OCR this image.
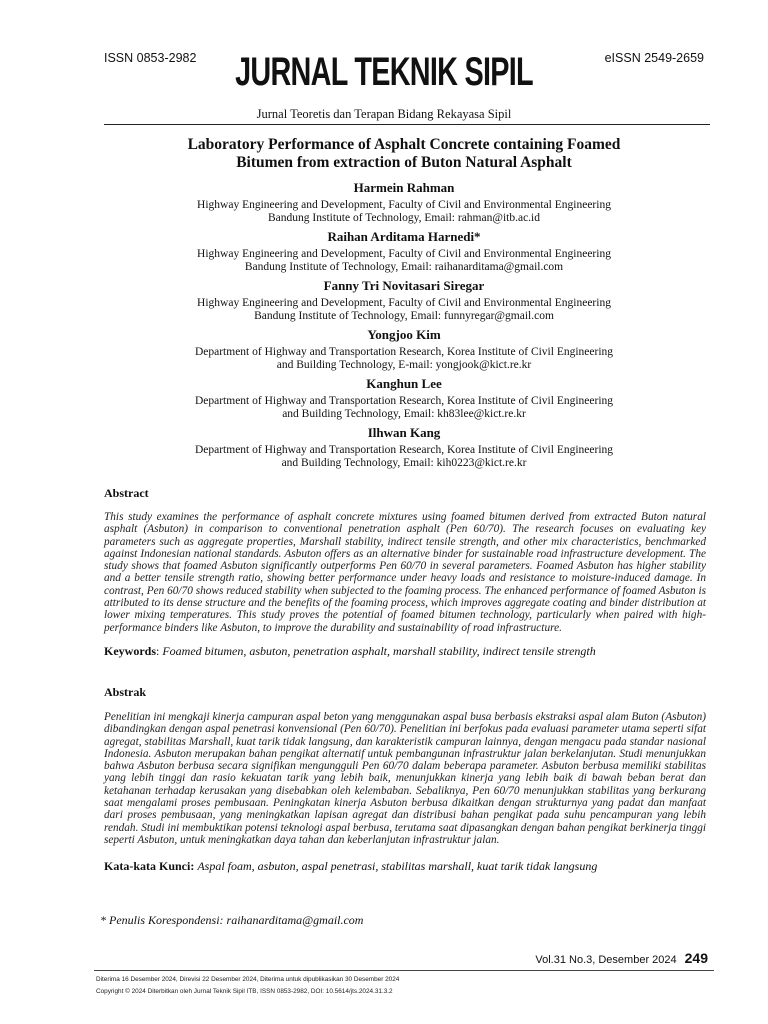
ISSN 0853-2982 JURNAL TEKNIK SIPIL	eISSN 2549-2659
Jurnal Teoretis dan Terapan Bidang Rekayasa Sipil
Laboratory Performance of Asphalt Concrete containing Foamed
Bitumen from extraction of Buton Natural Asphalt
Harmein Rahman
Highway Engineering and Development, Faculty of Civil and Environmental Engineering
Bandung Institute of Technology, Email: rahman@itb.ac.id
Raihan Arditama Harnedi*
Highway Engineering and Development, Faculty of Civil and Environmental Engineering
Bandung Institute of Technology, Email: raihanarditama@gmail.com
Fanny Tri Novitasari Siregar
Highway Engineering and Development, Faculty of Civil and Environmental Engineering
Bandung Institute of Technology, Email: funnyregar@gmail.com
Yongjoo Kim
Department of Highway and Transportation Research, Korea Institute of Civil Engineering
and Building Technology, E-mail: yongjook@kict.re.kr
Kanghun Lee
Department of Highway and Transportation Research, Korea Institute of Civil Engineering
and Building Technology, Email: kh83lee@kict.re.kr
Ilhwan Kang
Department of Highway and Transportation Research, Korea Institute of Civil Engineering
and Building Technology, Email: kih0223@kict.re.kr
Abstract
This study examines the performance of asphalt concrete mixtures using foamed bitumen derived from extracted Buton natural asphalt (Asbuton) in comparison to conventional penetration asphalt (Pen 60/70). The research focuses on evaluating key parameters such as aggregate properties, Marshall stability, indirect tensile strength, and other mix characteristics, benchmarked against Indonesian national standards. Asbuton offers as an alternative binder for sustainable road infrastructure development. The study shows that foamed Asbuton significantly outperforms Pen 60/70 in several parameters. Foamed Asbuton has higher stability and a better tensile strength ratio, showing better performance under heavy loads and resistance to moisture-induced damage. In contrast, Pen 60/70 shows reduced stability when subjected to the foaming process. The enhanced performance of foamed Asbuton is attributed to its dense structure and the benefits of the foaming process, which improves aggregate coating and binder distribution at lower mixing temperatures. This study proves the potential of foamed bitumen technology, particularly when paired with high-performance binders like Asbuton, to improve the durability and sustainability of road infrastructure.
Keywords: Foamed bitumen, asbuton, penetration asphalt, marshall stability, indirect tensile strength
Abstrak
Penelitian ini mengkaji kinerja campuran aspal beton yang menggunakan aspal busa berbasis ekstraksi aspal alam Buton (Asbuton) dibandingkan dengan aspal penetrasi konvensional (Pen 60/70). Penelitian ini berfokus pada evaluasi parameter utama seperti sifat agregat, stabilitas Marshall, kuat tarik tidak langsung, dan karakteristik campuran lainnya, dengan mengacu pada standar nasional Indonesia. Asbuton merupakan bahan pengikat alternatif untuk pembangunan infrastruktur jalan berkelanjutan. Studi menunjukkan bahwa Asbuton berbusa secara signifikan mengungguli Pen 60/70 dalam beberapa parameter. Asbuton berbusa memiliki stabilitas yang lebih tinggi dan rasio kekuatan tarik yang lebih baik, menunjukkan kinerja yang lebih baik di bawah beban berat dan ketahanan terhadap kerusakan yang disebabkan oleh kelembaban. Sebaliknya, Pen 60/70 menunjukkan stabilitas yang berkurang saat mengalami proses pembusaan. Peningkatan kinerja Asbuton berbusa dikaitkan dengan strukturnya yang padat dan manfaat dari proses pembusaan, yang meningkatkan lapisan agregat dan distribusi bahan pengikat pada suhu pencampuran yang lebih rendah. Studi ini membuktikan potensi teknologi aspal berbusa, terutama saat dipasangkan dengan bahan pengikat berkinerja tinggi seperti Asbuton, untuk meningkatkan daya tahan dan keberlanjutan infrastruktur jalan.
Kata-kata Kunci: Aspal foam, asbuton, aspal penetrasi, stabilitas marshall, kuat tarik tidak langsung
* Penulis Korespondensi: raihanarditama@gmail.com
Vol.31 No.3, Desember 2024 249
Diterima 16 Desember 2024, Direvisi 22 Desember 2024, Diterima untuk dipublikasikan 30 Desember 2024
Copyright © 2024 Diterbitkan oleh Jurnal Teknik Sipil ITB, ISSN 0853-2982, DOI: 10.5614/jts.2024.31.3.2
